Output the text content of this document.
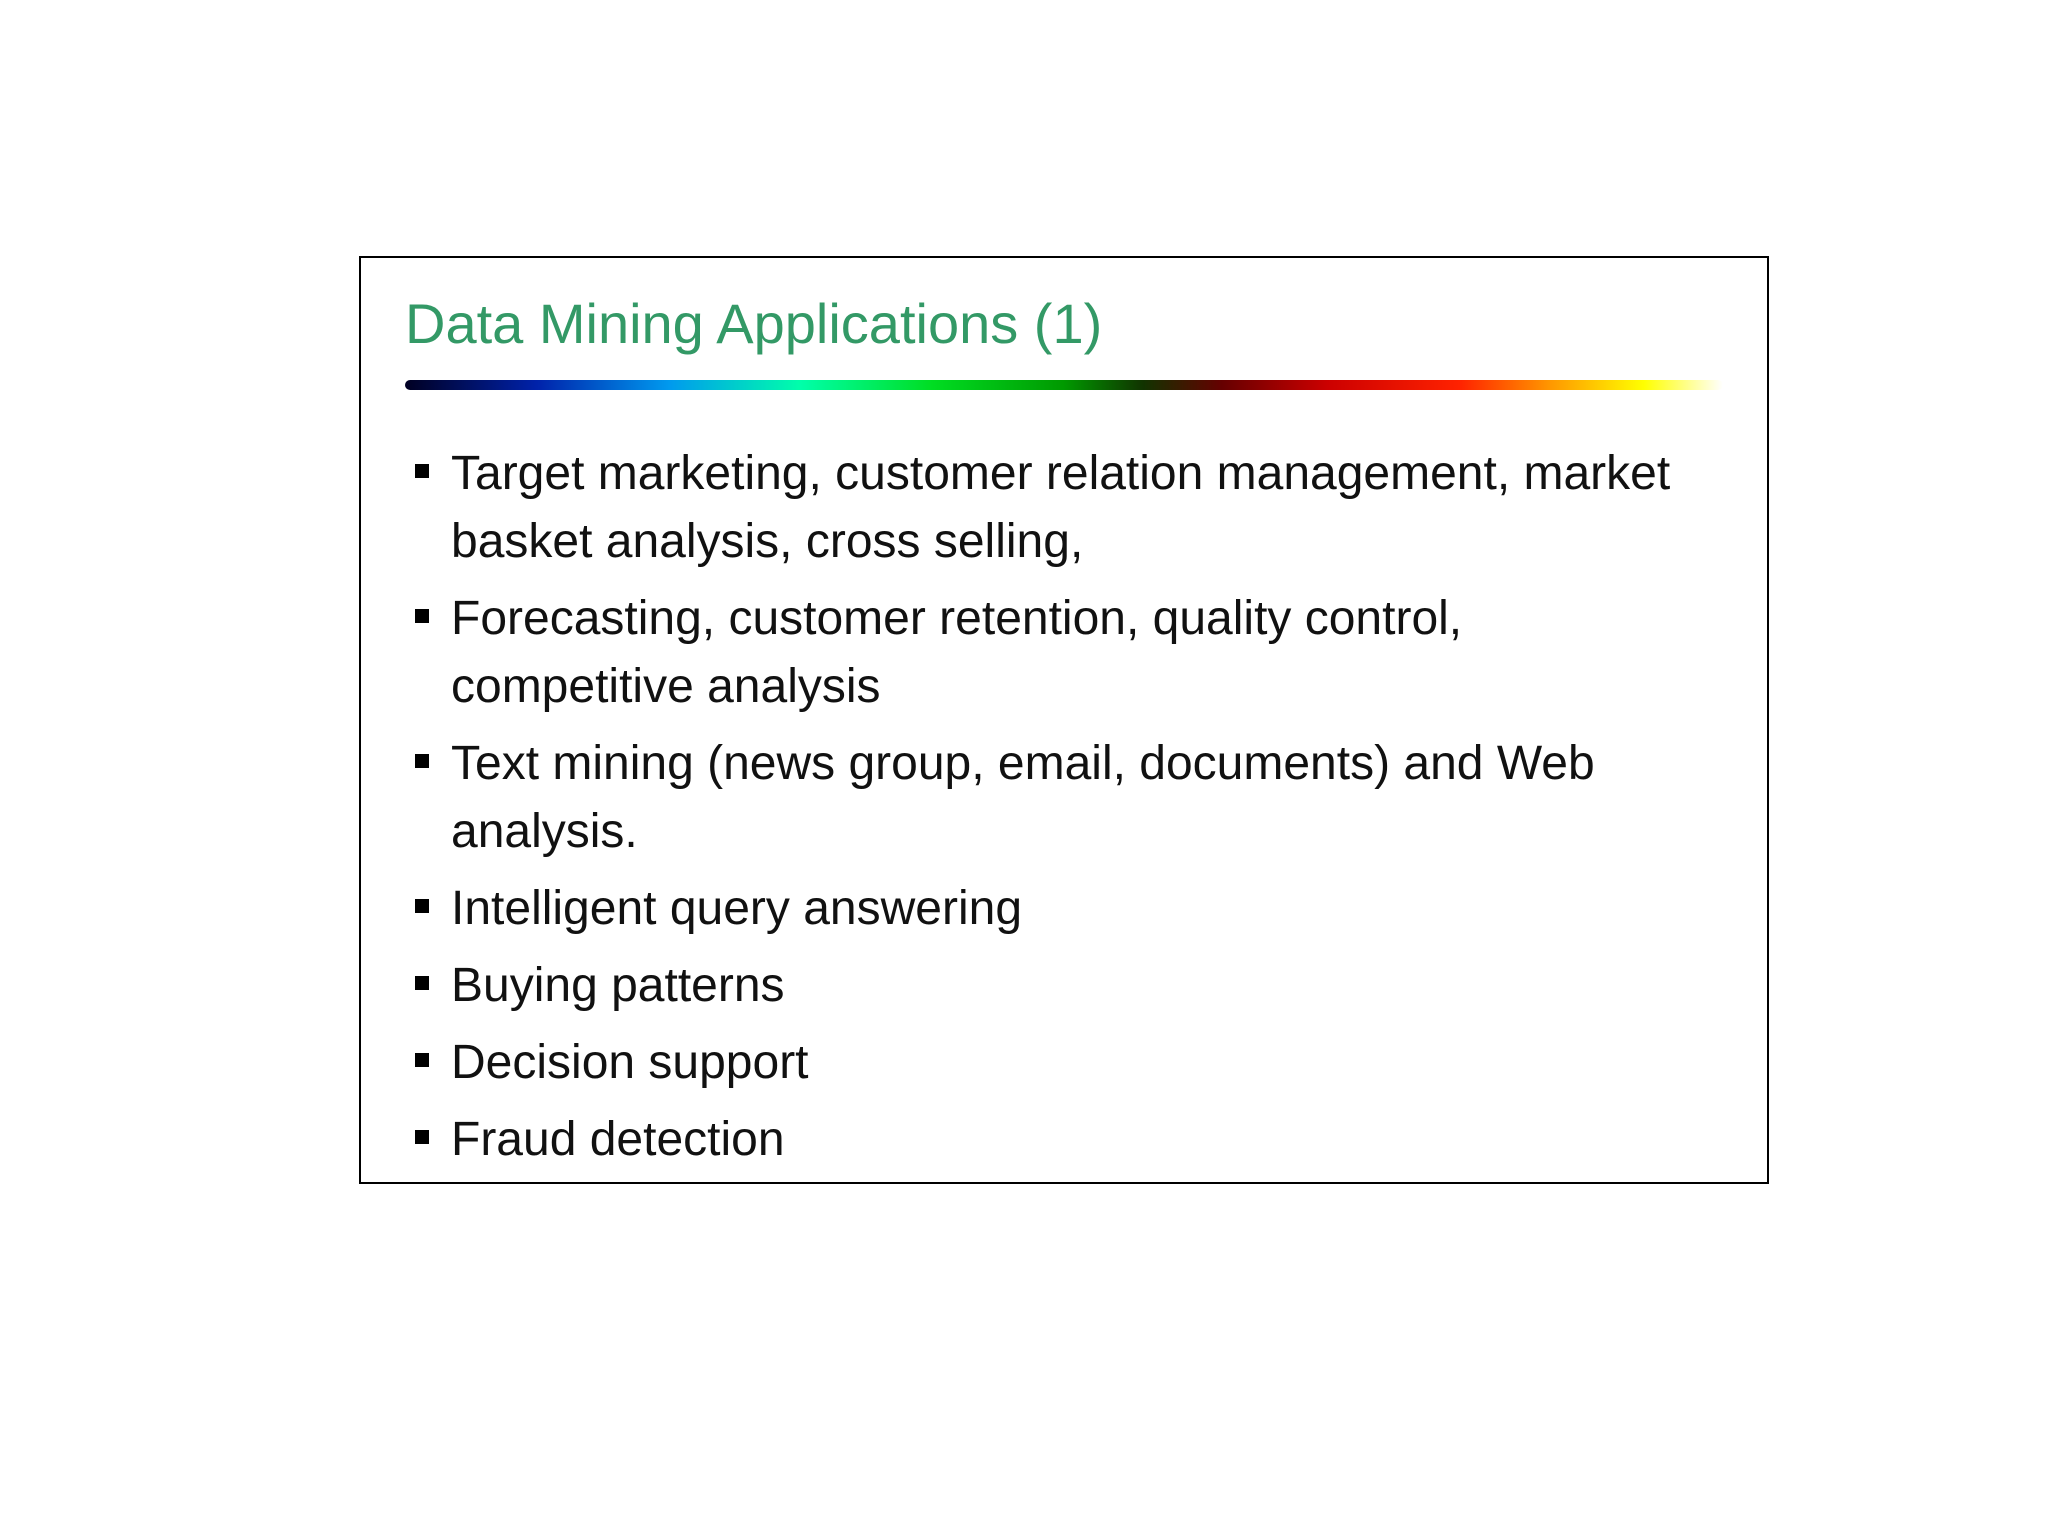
Data Mining Applications (1)
Target marketing, customer relation management, market basket analysis, cross selling,
Forecasting, customer retention, quality control, competitive analysis
Text mining (news group, email, documents) and Web analysis.
Intelligent query answering
Buying patterns
Decision support
Fraud detection
